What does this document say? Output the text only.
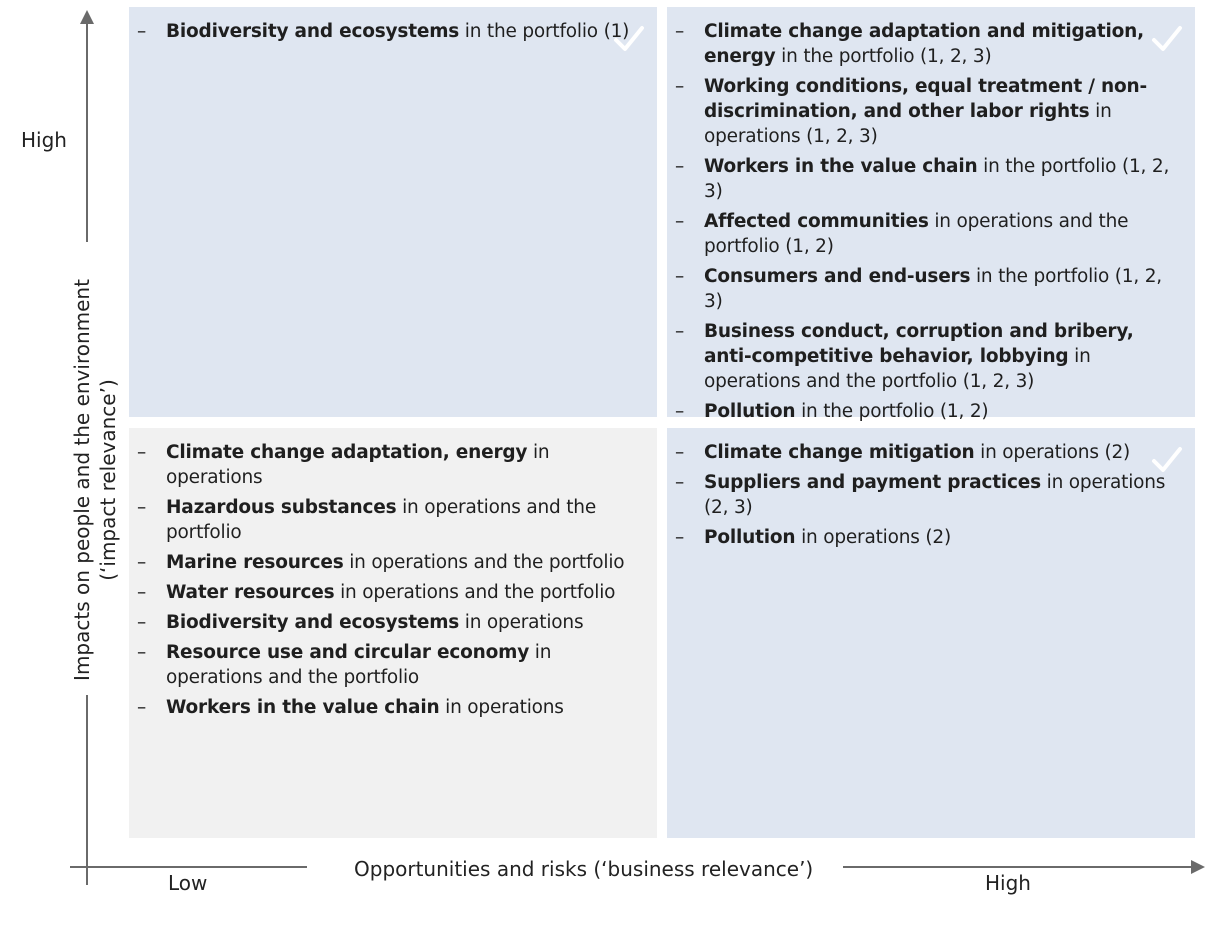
–	Biodiversity and ecosystems in the portfolio (1)	–	Climate change adaptation and mitigation, energy in the portfolio (1, 2, 3)
–	Working conditions, equal treatment / non-discrimination, and other labor rights in operations (1, 2, 3)
–	Workers in the value chain in the portfolio (1, 2, 3)
–	Affected communities in operations and the portfolio (1, 2)
–	Consumers and end-users in the portfolio (1, 2, 3)
–	Business conduct, corruption and bribery, anti-competitive behavior, lobbying in operations and the portfolio (1, 2, 3)
–	Pollution in the portfolio (1, 2)
–	Climate change adaptation, energy in operations
–	Hazardous substances in operations and the portfolio
–	Marine resources in operations and the portfolio
–	Water resources in operations and the portfolio
–	Biodiversity and ecosystems in operations
–	Resource use and circular economy in operations and the portfolio
–	Workers in the value chain in operations
–	Climate change mitigation in operations (2)
–	Suppliers and payment practices in operations (2, 3)
–	Pollution in operations (2)
High
Impacts on people and the environment (‘impact relevance’)
Opportunities and risks (‘business relevance’)
Low	High
